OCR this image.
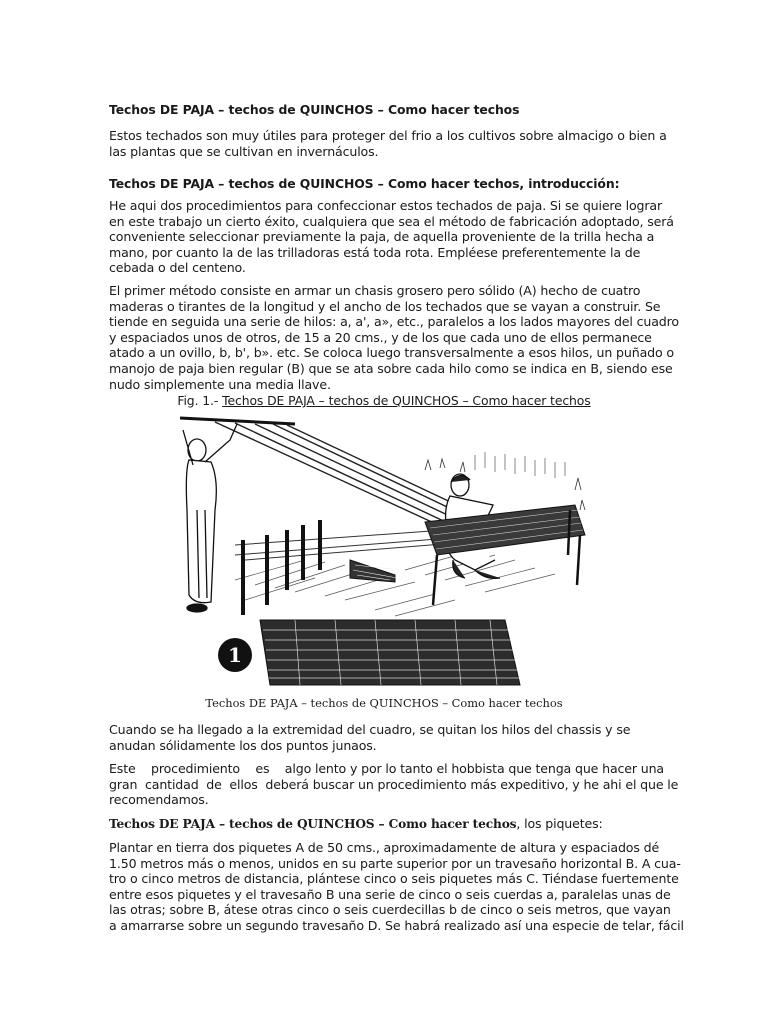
Techos DE PAJA – techos de QUINCHOS – Como hacer techos
Estos techados son muy útiles para proteger del frio a los cultivos sobre almacigo o bien a
las plantas que se cultivan en invernáculos.
Techos DE PAJA – techos de QUINCHOS – Como hacer techos, introducción:
He aqui dos procedimientos para confeccionar estos techados de paja. Si se quiere lograr
en este trabajo un cierto éxito, cualquiera que sea el método de fabricación adoptado, será
conveniente seleccionar previamente la paja, de aquella proveniente de la trilla hecha a
mano, por cuanto la de las trilladoras está toda rota. Empléese preferentemente la de
cebada o del centeno.
El primer método consiste en armar un chasis grosero pero sólido (A) hecho de cuatro
maderas o tirantes de la longitud y el ancho de los techados que se vayan a construir. Se
tiende en seguida una serie de hilos: a, a', a», etc., paralelos a los lados mayores del cuadro
y espaciados unos de otros, de 15 a 20 cms., y de los que cada uno de ellos permanece
atado a un ovillo, b, b', b». etc. Se coloca luego transversalmente a esos hilos, un puñado o
manojo de paja bien regular (B) que se ata sobre cada hilo como se indica en B, siendo ese
nudo simplemente una media llave.
Fig. 1.- Techos DE PAJA – techos de QUINCHOS – Como hacer techos
1
Techos DE PAJA – techos de QUINCHOS – Como hacer techos
Cuando se ha llegado a la extremidad del cuadro, se quitan los hilos del chassis y se
anudan sólidamente los dos puntos junaos.
Este    procedimiento    es    algo lento y por lo tanto el hobbista que tenga que hacer una
gran  cantidad  de  ellos  deberá buscar un procedimiento más expeditivo, y he ahi el que le
recomendamos.
Techos DE PAJA – techos de QUINCHOS – Como hacer techos, los piquetes:
Plantar en tierra dos piquetes A de 50 cms., aproximadamente de altura y espaciados dé
1.50 metros más o menos, unidos en su parte superior por un travesaño horizontal B. A cua-
tro o cinco metros de distancia, plántese cinco o seis piquetes más C. Tiéndase fuertemente
entre esos piquetes y el travesaño B una serie de cinco o seis cuerdas a, paralelas unas de
las otras; sobre B, átese otras cinco o seis cuerdecillas b de cinco o seis metros, que vayan
a amarrarse sobre un segundo travesaño D. Se habrá realizado así una especie de telar, fácil
